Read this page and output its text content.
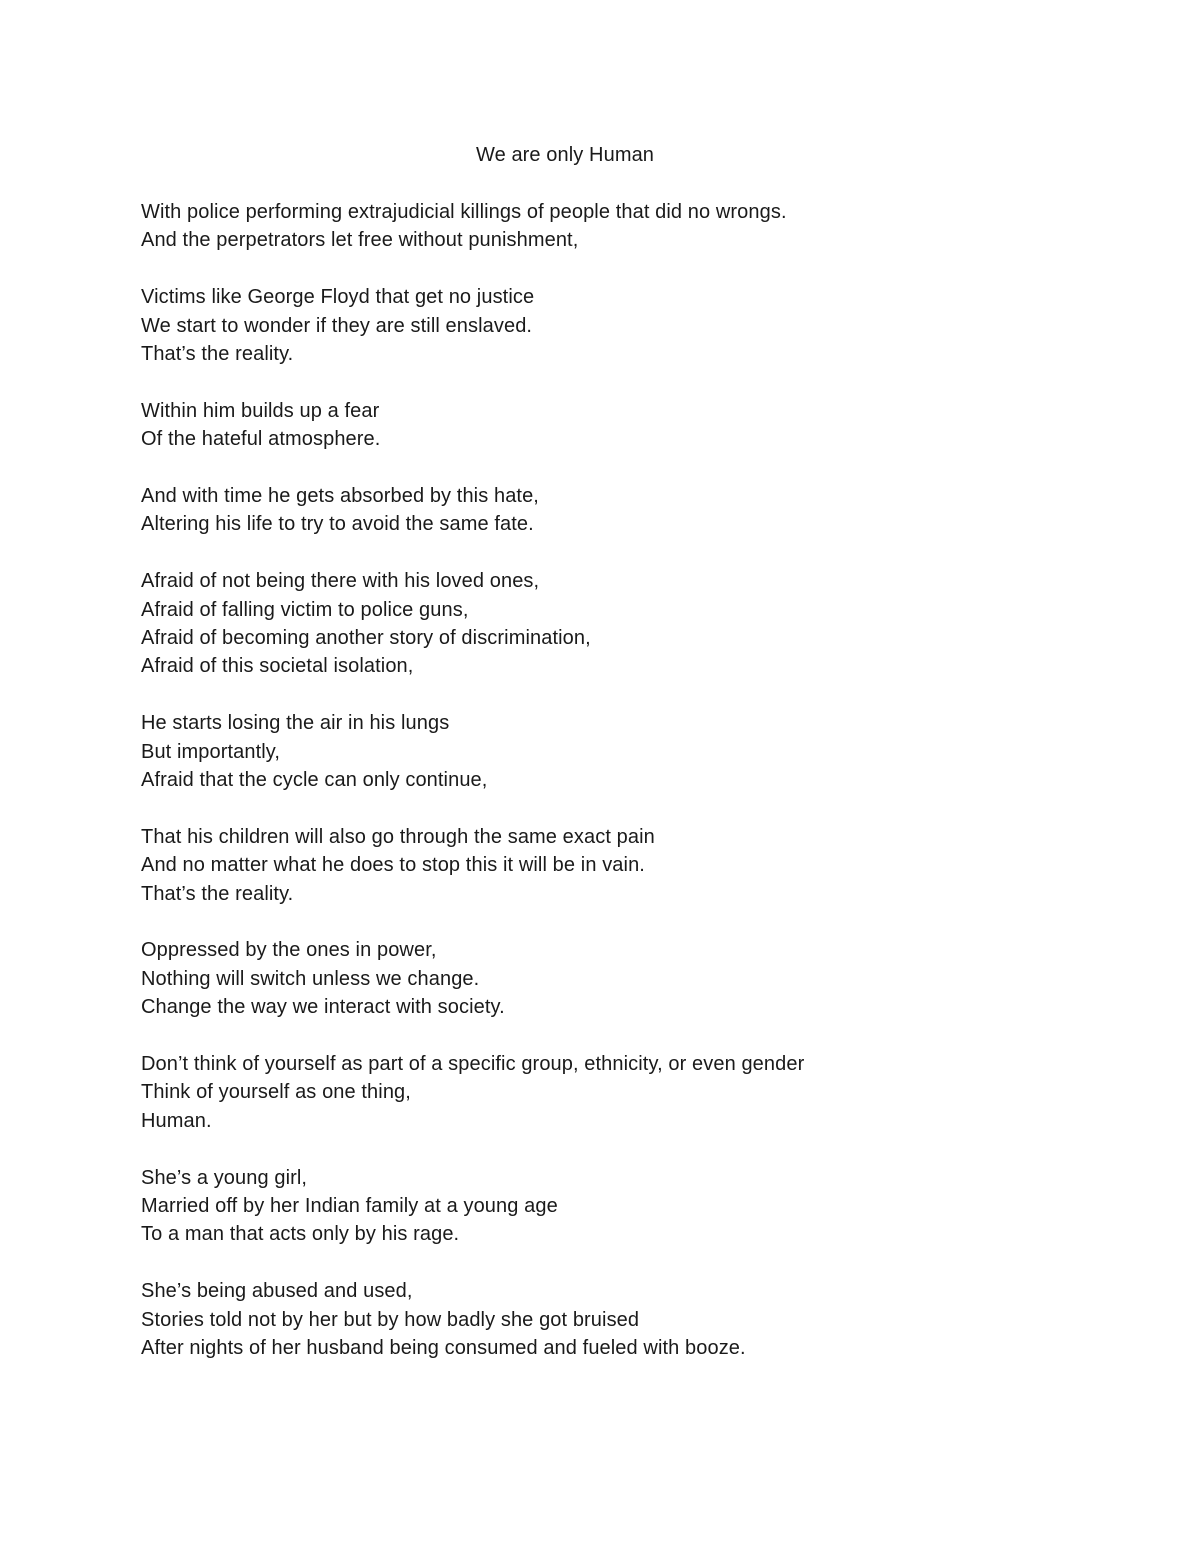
We are only Human
With police performing extrajudicial killings of people that did no wrongs.
And the perpetrators let free without punishment,
Victims like George Floyd that get no justice
We start to wonder if they are still enslaved.
That’s the reality.
Within him builds up a fear
Of the hateful atmosphere.
And with time he gets absorbed by this hate,
Altering his life to try to avoid the same fate.
Afraid of not being there with his loved ones,
Afraid of falling victim to police guns,
Afraid of becoming another story of discrimination,
Afraid of this societal isolation,
He starts losing the air in his lungs
But importantly,
Afraid that the cycle can only continue,
That his children will also go through the same exact pain
And no matter what he does to stop this it will be in vain.
That’s the reality.
Oppressed by the ones in power,
Nothing will switch unless we change.
Change the way we interact with society.
Don’t think of yourself as part of a specific group, ethnicity, or even gender
Think of yourself as one thing,
Human.
She’s a young girl,
Married off by her Indian family at a young age
To a man that acts only by his rage.
She’s being abused and used,
Stories told not by her but by how badly she got bruised
After nights of her husband being consumed and fueled with booze.
